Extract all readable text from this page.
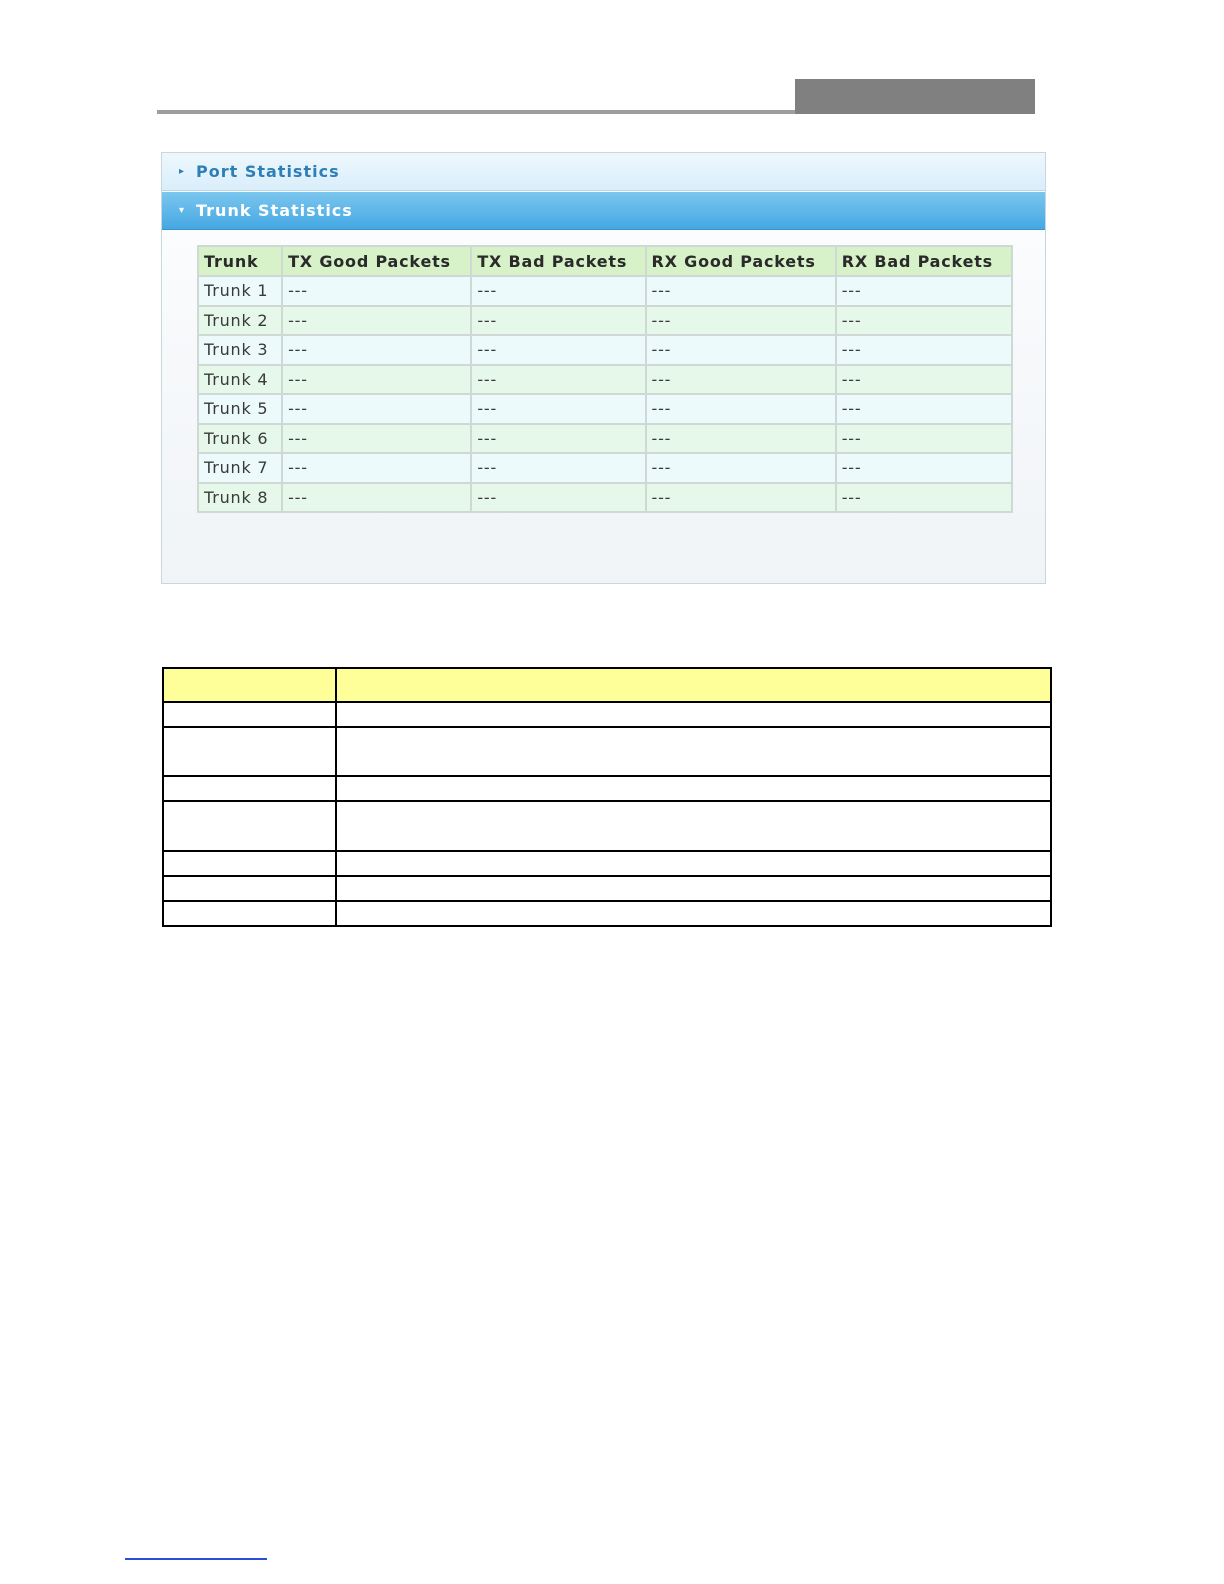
▸ Port Statistics
▾ Trunk Statistics
Trunk	TX Good Packets	TX Bad Packets	RX Good Packets	RX Bad Packets
Trunk 1	---	---	---	---
Trunk 2	---	---	---	---
Trunk 3	---	---	---	---
Trunk 4	---	---	---	---
Trunk 5	---	---	---	---
Trunk 6	---	---	---	---
Trunk 7	---	---	---	---
Trunk 8	---	---	---	---
